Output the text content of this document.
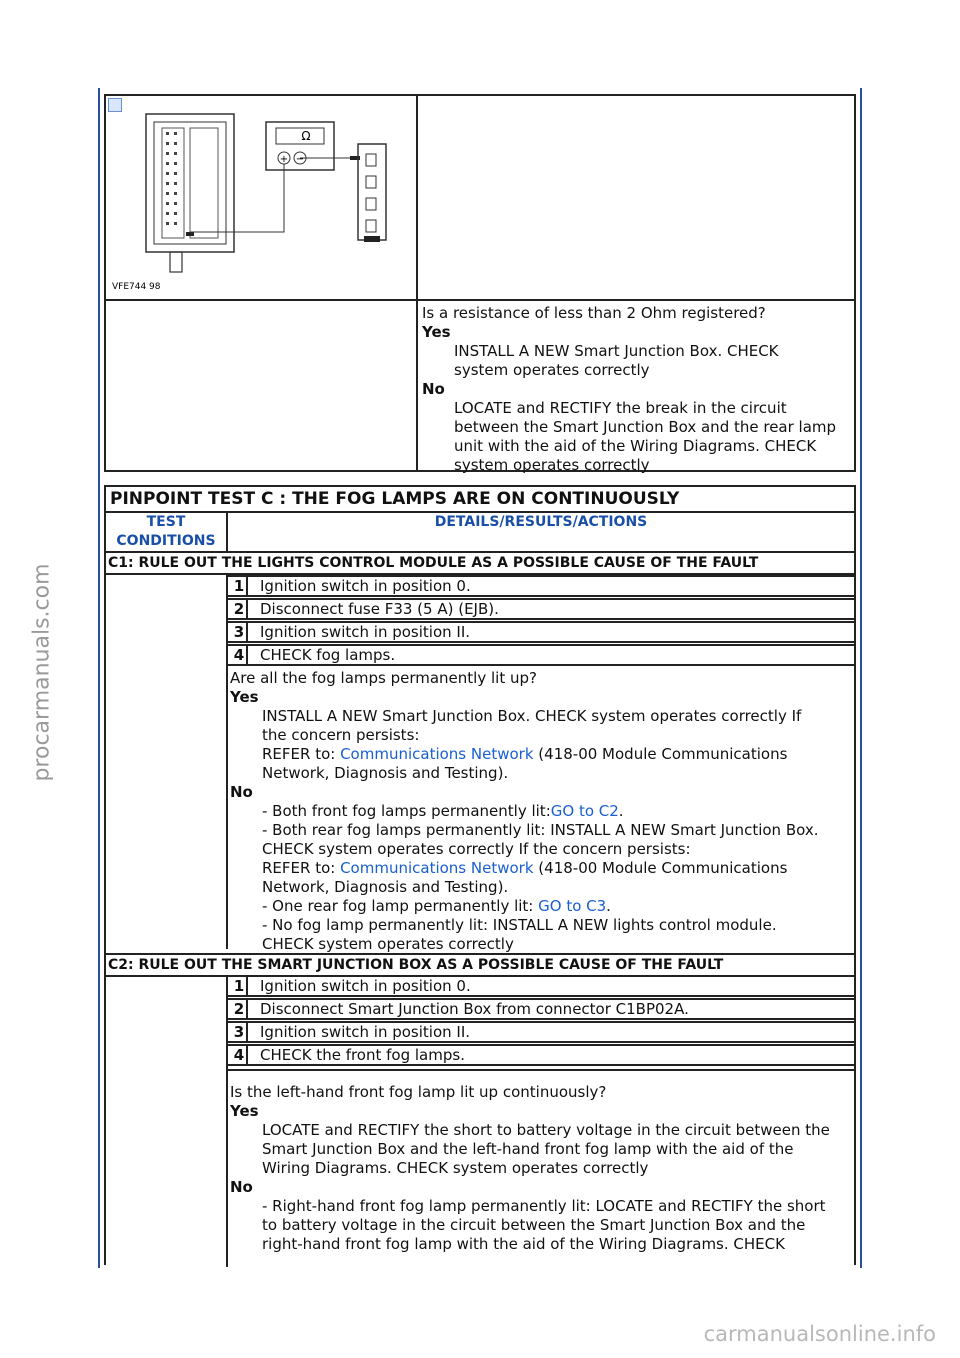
procarmanuals.com
carmanualsonline.info
Ω
+ −
VFE744 98
Is a resistance of less than 2 Ohm registered?
Yes
INSTALL A NEW Smart Junction Box. CHECK
system operates correctly
No
LOCATE and RECTIFY the break in the circuit
between the Smart Junction Box and the rear lamp
unit with the aid of the Wiring Diagrams. CHECK
system operates correctly
PINPOINT TEST C : THE FOG LAMPS ARE ON CONTINUOUSLY
TEST
CONDITIONS
DETAILS/RESULTS/ACTIONS
C1: RULE OUT THE LIGHTS CONTROL MODULE AS A POSSIBLE CAUSE OF THE FAULT
1 Ignition switch in position 0.
2 Disconnect fuse F33 (5 A) (EJB).
3 Ignition switch in position II.
4 CHECK fog lamps.
Are all the fog lamps permanently lit up?
Yes
INSTALL A NEW Smart Junction Box. CHECK system operates correctly If
the concern persists:
REFER to: Communications Network (418-00 Module Communications
Network, Diagnosis and Testing).
No
- Both front fog lamps permanently lit:GO to C2.
- Both rear fog lamps permanently lit: INSTALL A NEW Smart Junction Box.
CHECK system operates correctly If the concern persists:
REFER to: Communications Network (418-00 Module Communications
Network, Diagnosis and Testing).
- One rear fog lamp permanently lit: GO to C3.
- No fog lamp permanently lit: INSTALL A NEW lights control module.
CHECK system operates correctly
C2: RULE OUT THE SMART JUNCTION BOX AS A POSSIBLE CAUSE OF THE FAULT
1 Ignition switch in position 0.
2 Disconnect Smart Junction Box from connector C1BP02A.
3 Ignition switch in position II.
4 CHECK the front fog lamps.
Is the left-hand front fog lamp lit up continuously?
Yes
LOCATE and RECTIFY the short to battery voltage in the circuit between the
Smart Junction Box and the left-hand front fog lamp with the aid of the
Wiring Diagrams. CHECK system operates correctly
No
- Right-hand front fog lamp permanently lit: LOCATE and RECTIFY the short
to battery voltage in the circuit between the Smart Junction Box and the
right-hand front fog lamp with the aid of the Wiring Diagrams. CHECK
